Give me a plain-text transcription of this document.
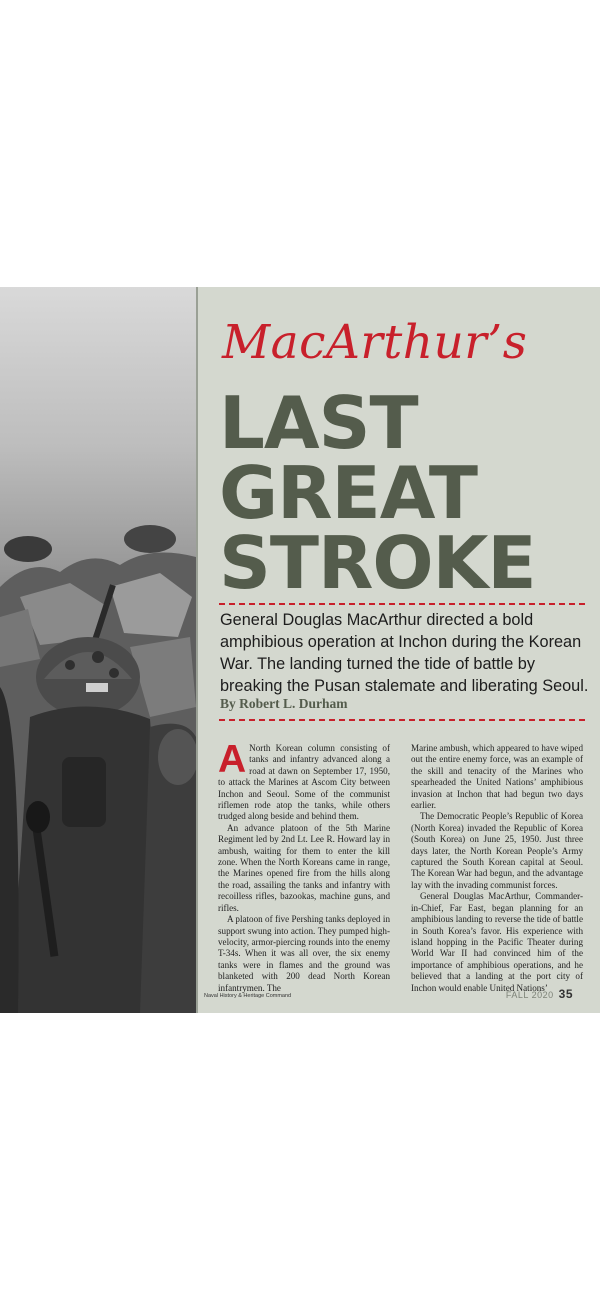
MacArthur’s
LAST
GREAT
STROKE
General Douglas MacArthur directed a bold amphibious operation at Inchon during the Korean War. The landing turned the tide of battle by breaking the Pusan stalemate and liberating Seoul.
By Robert L. Durham

A North Korean column consisting of tanks and infantry advanced along a road at dawn on September 17, 1950, to attack the Marines at Ascom City between Inchon and Seoul. Some of the communist riflemen rode atop the tanks, while others trudged along beside and behind them.

An advance platoon of the 5th Marine Regiment led by 2nd Lt. Lee R. Howard lay in ambush, waiting for them to enter the kill zone. When the North Koreans came in range, the Marines opened fire from the hills along the road, assailing the tanks and infantry with recoilless rifles, bazookas, machine guns, and rifles.

A platoon of five Pershing tanks deployed in support swung into action. They pumped high-velocity, armor-piercing rounds into the enemy T-34s. When it was all over, the six enemy tanks were in flames and the ground was blanketed with 200 dead North Korean infantrymen. The

Marine ambush, which appeared to have wiped out the entire enemy force, was an example of the skill and tenacity of the Marines who spearheaded the United Nations’ amphibious invasion at Inchon that had begun two days earlier.

The Democratic People’s Republic of Korea (North Korea) invaded the Republic of Korea (South Korea) on June 25, 1950. Just three days later, the North Korean People’s Army captured the South Korean capital at Seoul. The Korean War had begun, and the advantage lay with the invading communist forces.

General Douglas MacArthur, Commander-in-Chief, Far East, began planning for an amphibious landing to reverse the tide of battle in South Korea’s favor. His experience with island hopping in the Pacific Theater during World War II had convinced him of the importance of amphibious operations, and he believed that a landing at the port city of Inchon would enable United Nations’

Naval History & Heritage Command	FALL 2020 35
